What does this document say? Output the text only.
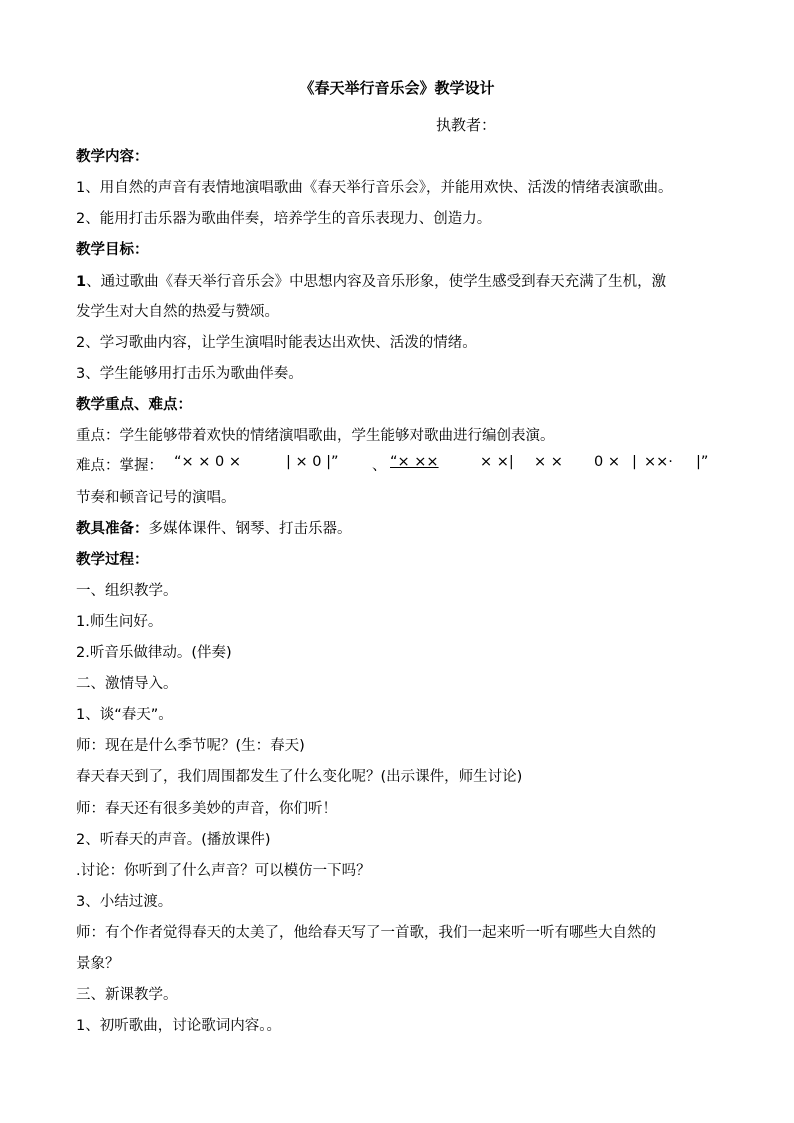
《春天举行音乐会》教学设计
执教者：
教学内容：
1、用自然的声音有表情地演唱歌曲《春天举行音乐会》，并能用欢快、活泼的情绪表演歌曲。
2、能用打击乐器为歌曲伴奏，培养学生的音乐表现力、创造力。
教学目标：
1、通过歌曲《春天举行音乐会》中思想内容及音乐形象，使学生感受到春天充满了生机，激
发学生对大自然的热爱与赞颂。
2、学习歌曲内容，让学生演唱时能表达出欢快、活泼的情绪。
3、学生能够用打击乐为歌曲伴奏。
教学重点、难点：
重点：学生能够带着欢快的情绪演唱歌曲，学生能够对歌曲进行编创表演。
难点：掌握： “× × 0 ×	| × 0 |” 、 “× ××	× ×| × × 0 × | ××· |”
节奏和顿音记号的演唱。
教具准备：多媒体课件、钢琴、打击乐器。
教学过程：
一、组织教学。
1.师生问好。
2.听音乐做律动。(伴奏)
二、激情导入。
1、谈“春天”。
师：现在是什么季节呢？(生：春天)
春天春天到了，我们周围都发生了什么变化呢？(出示课件，师生讨论)
师：春天还有很多美妙的声音，你们听！
2、听春天的声音。(播放课件)
.讨论：你听到了什么声音？可以模仿一下吗？
3、小结过渡。
师：有个作者觉得春天的太美了，他给春天写了一首歌，我们一起来听一听有哪些大自然的
景象？
三、新课教学。
1、初听歌曲，讨论歌词内容。。
